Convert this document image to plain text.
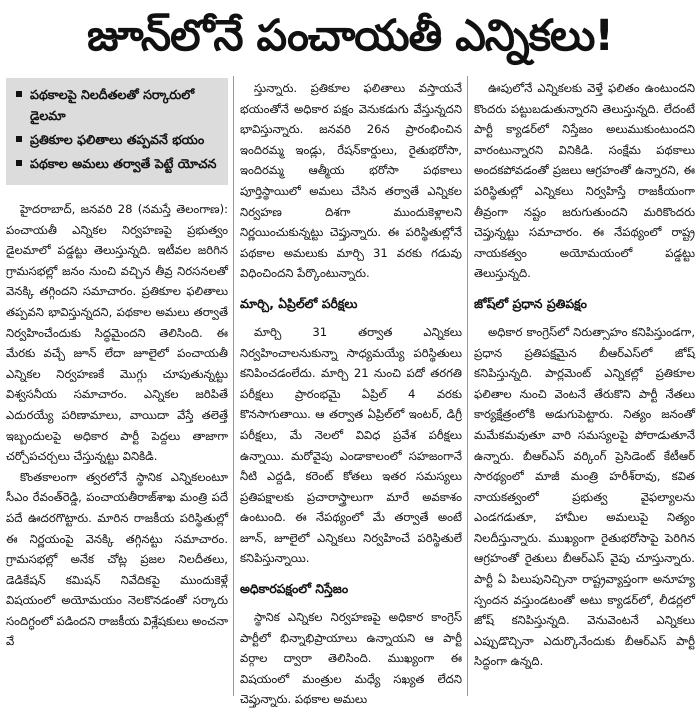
జూన్‌లోనే పంచాయతీ ఎన్నికలు!
పథకాలపై నిలదీతలతో సర్కారులో డైలమా
ప్రతికూల ఫలితాలు తప్పవనే భయం
పథకాల అమలు తర్వాతే పెట్టే యోచన

హైదరాబాద్‌, జనవరి 28 (నమస్తే తెలంగాణ): పంచాయతీ ఎన్నికల నిర్వహణపై ప్రభుత్వం డైలమాలో పడ్డట్టు తెలుస్తున్నది. ఇటీవల జరిగిన గ్రామసభల్లో జనం నుంచి వచ్చిన తీవ్ర నిరసనలతో వెనక్కి తగ్గిందని సమాచారం. ప్రతికూల ఫలితాలు తప్పవని భావిస్తున్నదని, పథకాల అమలు తర్వాతే నిర్వహించేందుకు సిద్ధమైందని తెలిసింది. ఈ మేరకు వచ్చే జూన్‌ లేదా జూలైలో పంచాయతీ ఎన్నికల నిర్వహణకే మొగ్గు చూపుతున్నట్టు విశ్వసనీయ సమాచారం. ఎన్నికల జరిపితే ఎదురయ్యే పరిణామాలు, వాయిదా వేస్తే తలెత్తే ఇబ్బందులపై అధికార పార్టీ పెద్దలు తాజాగా చర్చోపచర్చలు చేస్తున్నట్టు వినికిడి.

కొంతకాలంగా త్వరలోనే స్థానిక ఎన్నికలంటూ సీఎం రేవంత్‌రెడ్డి, పంచాయతీరాజ్‌శాఖ మంత్రి పదే పదే ఊదరగొట్టారు. మారిన రాజకీయ పరిస్థితుల్లో ఈ నిర్ణయంపై వెనక్కి తగ్గినట్టు సమాచారం. గ్రామసభల్లో అనేక చోట్ల ప్రజల నిలదీతలు, డెడికేషన్‌ కమిషన్‌ నివేదికపై ముందుకెళ్లే విషయంలో అయోమయం నెలకొనడంతో సర్కారు సందిగ్ధంలో పడిందని రాజకీయ విశ్లేషకులు అంచనా వే

స్తున్నారు. ప్రతికూల ఫలితాలు వస్తాయనే భయంతోనే అధికార పక్షం వెనుకడుగు వేస్తున్నదని భావిస్తున్నారు. జనవరి 26న ప్రారంభించిన ఇందిరమ్మ ఇండ్లు, రేషన్‌కార్డులు, రైతుభరోసా, ఇందిరమ్మ ఆత్మీయ భరోసా పథకాలు పూర్తిస్థాయిలో అమలు చేసిన తర్వాతే ఎన్నికల నిర్వహణ దిశగా ముందుకెళ్లాలని నిర్ణయించుకున్నట్టు చెప్తున్నారు. ఈ పరిస్థితుల్లోనే పథకాల అమలుకు మార్చి 31 వరకు గడువు విధించిందని పేర్కొంటున్నారు.

మార్చి, ఏప్రిల్‌లో పరీక్షలు

మార్చి 31 తర్వాత ఎన్నికలు నిర్వహించాలనుకున్నా సాధ్యమయ్యే పరిస్థితులు కనిపించడంలేదు. మార్చి 21 నుంచి పదో తరగతి పరీక్షలు ప్రారంభమై ఏప్రిల్‌ 4 వరకు కొనసాగుతాయి. ఆ తర్వాత ఏప్రిల్‌లో ఇంటర్‌, డిగ్రీ పరీక్షలు, మే నెలలో వివిధ ప్రవేశ పరీక్షలు ఉన్నాయి. మరోవైపు ఎండాకాలంలో సహజంగానే నీటి ఎద్దడి, కరెంట్‌ కోతలు ఇతర సమస్యలు ప్రతిపక్షాలకు ప్రచారాస్త్రాలుగా మారే అవకాశం ఉంటుంది. ఈ నేపథ్యంలో మే తర్వాతే అంటే జూన్‌, జూలైలో ఎన్నికలు నిర్వహించే పరిస్థితులే కనిపిస్తున్నాయి.

అధికారపక్షంలో నిస్తేజం

స్థానిక ఎన్నికల నిర్వహణపై అధికార కాంగ్రెస్‌ పార్టీలో భిన్నాభిప్రాయాలు ఉన్నాయని ఆ పార్టీ వర్గాల ద్వారా తెలిసింది. ముఖ్యంగా ఈ విషయంలో మంత్రుల మధ్యే సఖ్యత లేదని చెప్తున్నారు. పథకాల అమలు

ఊపులోనే ఎన్నికలకు వెళ్తే ఫలితం ఉంటుందని కొందరు పట్టుబడుతున్నారని తెలుస్తున్నది. లేదంటే పార్టీ క్యాడర్‌లో నిస్తేజం అలుముకుంటుందని వారంటున్నారని వినికిడి. సంక్షేమ పథకాలు అందకపోవడంతో ప్రజలు ఆగ్రహంతో ఉన్నారని, ఈ పరిస్థితుల్లో ఎన్నికలు నిర్వహిస్తే రాజకీయంగా తీవ్రంగా నష్టం జరుగుతుందని మరికొందరు చెప్తున్నట్టు సమాచారం. ఈ నేపథ్యంలో రాష్ట్ర నాయకత్వం అయోమయంలో పడ్డట్టు తెలుస్తున్నది.

జోష్‌లో ప్రధాన ప్రతిపక్షం

అధికార కాంగ్రెస్‌లో నిరుత్సాహం కనిపిస్తుండగా, ప్రధాన ప్రతిపక్షమైన బీఆర్‌ఎస్‌లో జోష్‌ కనిపిస్తున్నది. పార్లమెంట్‌ ఎన్నికల్లో ప్రతికూల ఫలితాల నుంచి వెంటనే తేరుకొని పార్టీ నేతలు కార్యక్షేత్రంలోకి అడుగుపెట్టారు. నిత్యం జనంతో మమేకమవుతూ వారి సమస్యలపై పోరాడుతూనే ఉన్నారు. బీఆర్‌ఎస్‌ వర్కింగ్‌ ప్రెసిడెంట్‌ కేటీఆర్‌ సారథ్యంలో మాజీ మంత్రి హరీశ్‌రావు, కవిత నాయకత్వంలో ప్రభుత్వ వైఫల్యాలను ఎండగడుతూ, హామీల అమలుపై నిత్యం నిలదీస్తున్నారు. ముఖ్యంగా రైతుభరోసాపై పెరిగిన ఆగ్రహంతో రైతులు బీఆర్‌ఎస్‌ వైపు చూస్తున్నారు. పార్టీ ఏ పిలుపునిచ్చినా రాష్ట్రవ్యాప్తంగా అనూహ్య స్పందన వస్తుండటంతో అటు క్యాడర్‌లో, లీడర్లలో జోష్‌ కనిపిస్తున్నది. వెనువెంటనే ఎన్నికలు ఎప్పుడొచ్చినా ఎదుర్కొనేందుకు బీఆర్‌ఎస్‌ పార్టీ సిద్ధంగా ఉన్నది.
